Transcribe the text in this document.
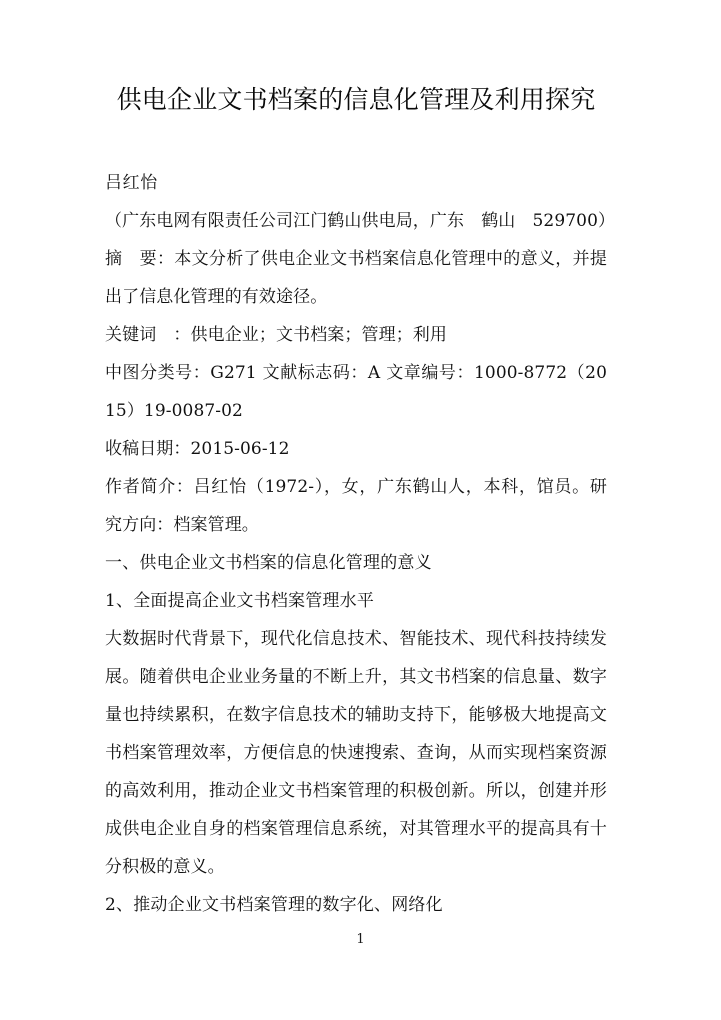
供电企业文书档案的信息化管理及利用探究
吕红怡
（广东电网有限责任公司江门鹤山供电局，广东　鹤山　529700）
摘　要：本文分析了供电企业文书档案信息化管理中的意义，并提出了信息化管理的有效途径。
关键词　：供电企业；文书档案；管理；利用
中图分类号：G271 文献标志码：A 文章编号：1000-8772（2015）19-0087-02
收稿日期：2015-06-12
作者简介：吕红怡（1972-），女，广东鹤山人，本科，馆员。研究方向：档案管理。
一、供电企业文书档案的信息化管理的意义
1、全面提高企业文书档案管理水平

大数据时代背景下，现代化信息技术、智能技术、现代科技持续发展。随着供电企业业务量的不断上升，其文书档案的信息量、数字量也持续累积，在数字信息技术的辅助支持下，能够极大地提高文书档案管理效率，方便信息的快速搜索、查询，从而实现档案资源的高效利用，推动企业文书档案管理的积极创新。所以，创建并形成供电企业自身的档案管理信息系统，对其管理水平的提高具有十分积极的意义。

2、推动企业文书档案管理的数字化、网络化
1
